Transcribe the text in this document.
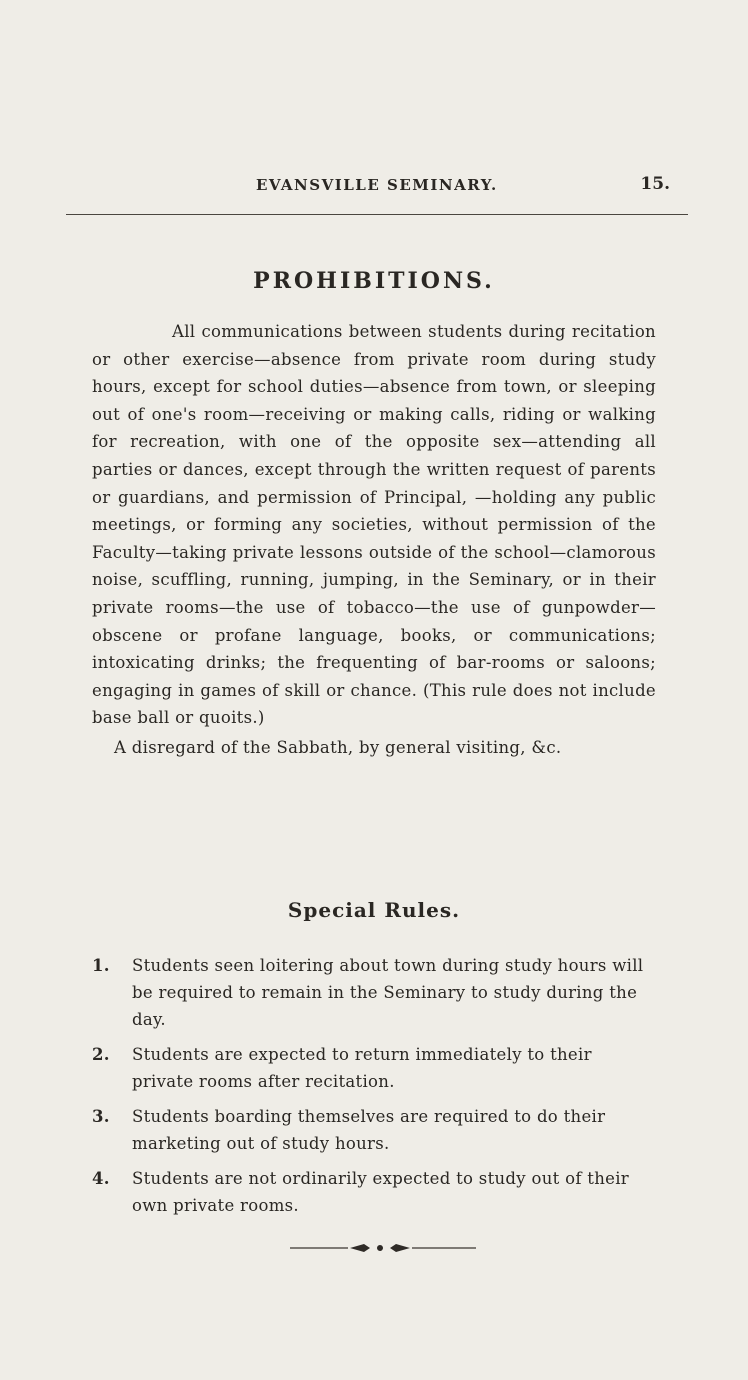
EVANSVILLE SEMINARY.	15.
PROHIBITIONS.

All communications between students during recitation or other exercise—absence from private room during study hours, except for school duties—absence from town, or sleeping out of one's room—receiving or making calls, riding or walking for recreation, with one of the opposite sex—attending all parties or dances, except through the written request of parents or guardians, and permission of Principal, —holding any public meetings, or forming any societies, without permission of the Faculty—taking private lessons outside of the school—clamorous noise, scuffling, running, jumping, in the Seminary, or in their private rooms—the use of tobacco—the use of gunpowder—obscene or profane language, books, or communications; intoxicating drinks; the frequenting of bar-rooms or saloons; engaging in games of skill or chance. (This rule does not include base ball or quoits.)

A disregard of the Sabbath, by general visiting, &c.

Special Rules.
1. Students seen loitering about town during study hours will be required to remain in the Seminary to study during the day.
2. Students are expected to return immediately to their private rooms after recitation.
3. Students boarding themselves are required to do their marketing out of study hours.
4. Students are not ordinarily expected to study out of their own private rooms.
